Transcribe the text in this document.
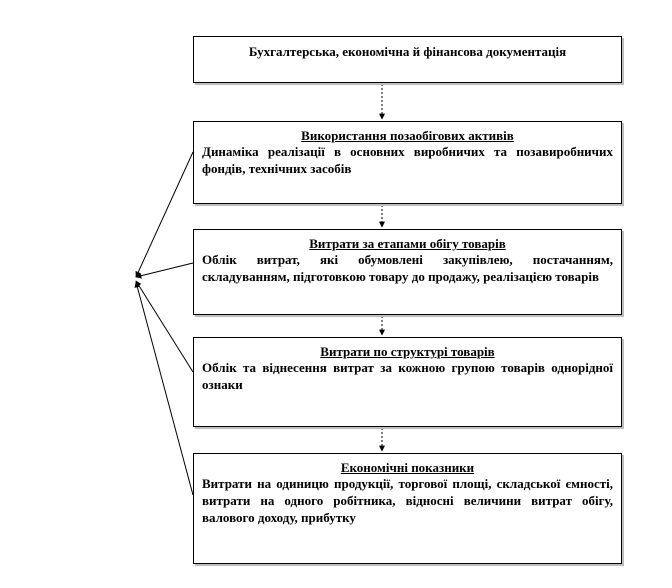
Бухгалтерська, економічна й фінансова документація
Використання позаобігових активів
Динаміка реалізації в основних виробничих та позавиробничих фондів, технічних засобів
Витрати за етапами обігу товарів
Облік витрат, які обумовлені закупівлею, постачанням, складуванням, підготовкою товару до продажу, реалізацією товарів
Витрати по структурі товарів
Облік та віднесення витрат за кожною групою товарів однорідної ознаки
Економічні показники
Витрати на одиницю продукції, торгової площі, складської ємності, витрати на одного робітника, відносні величини витрат обігу, валового доходу, прибутку
